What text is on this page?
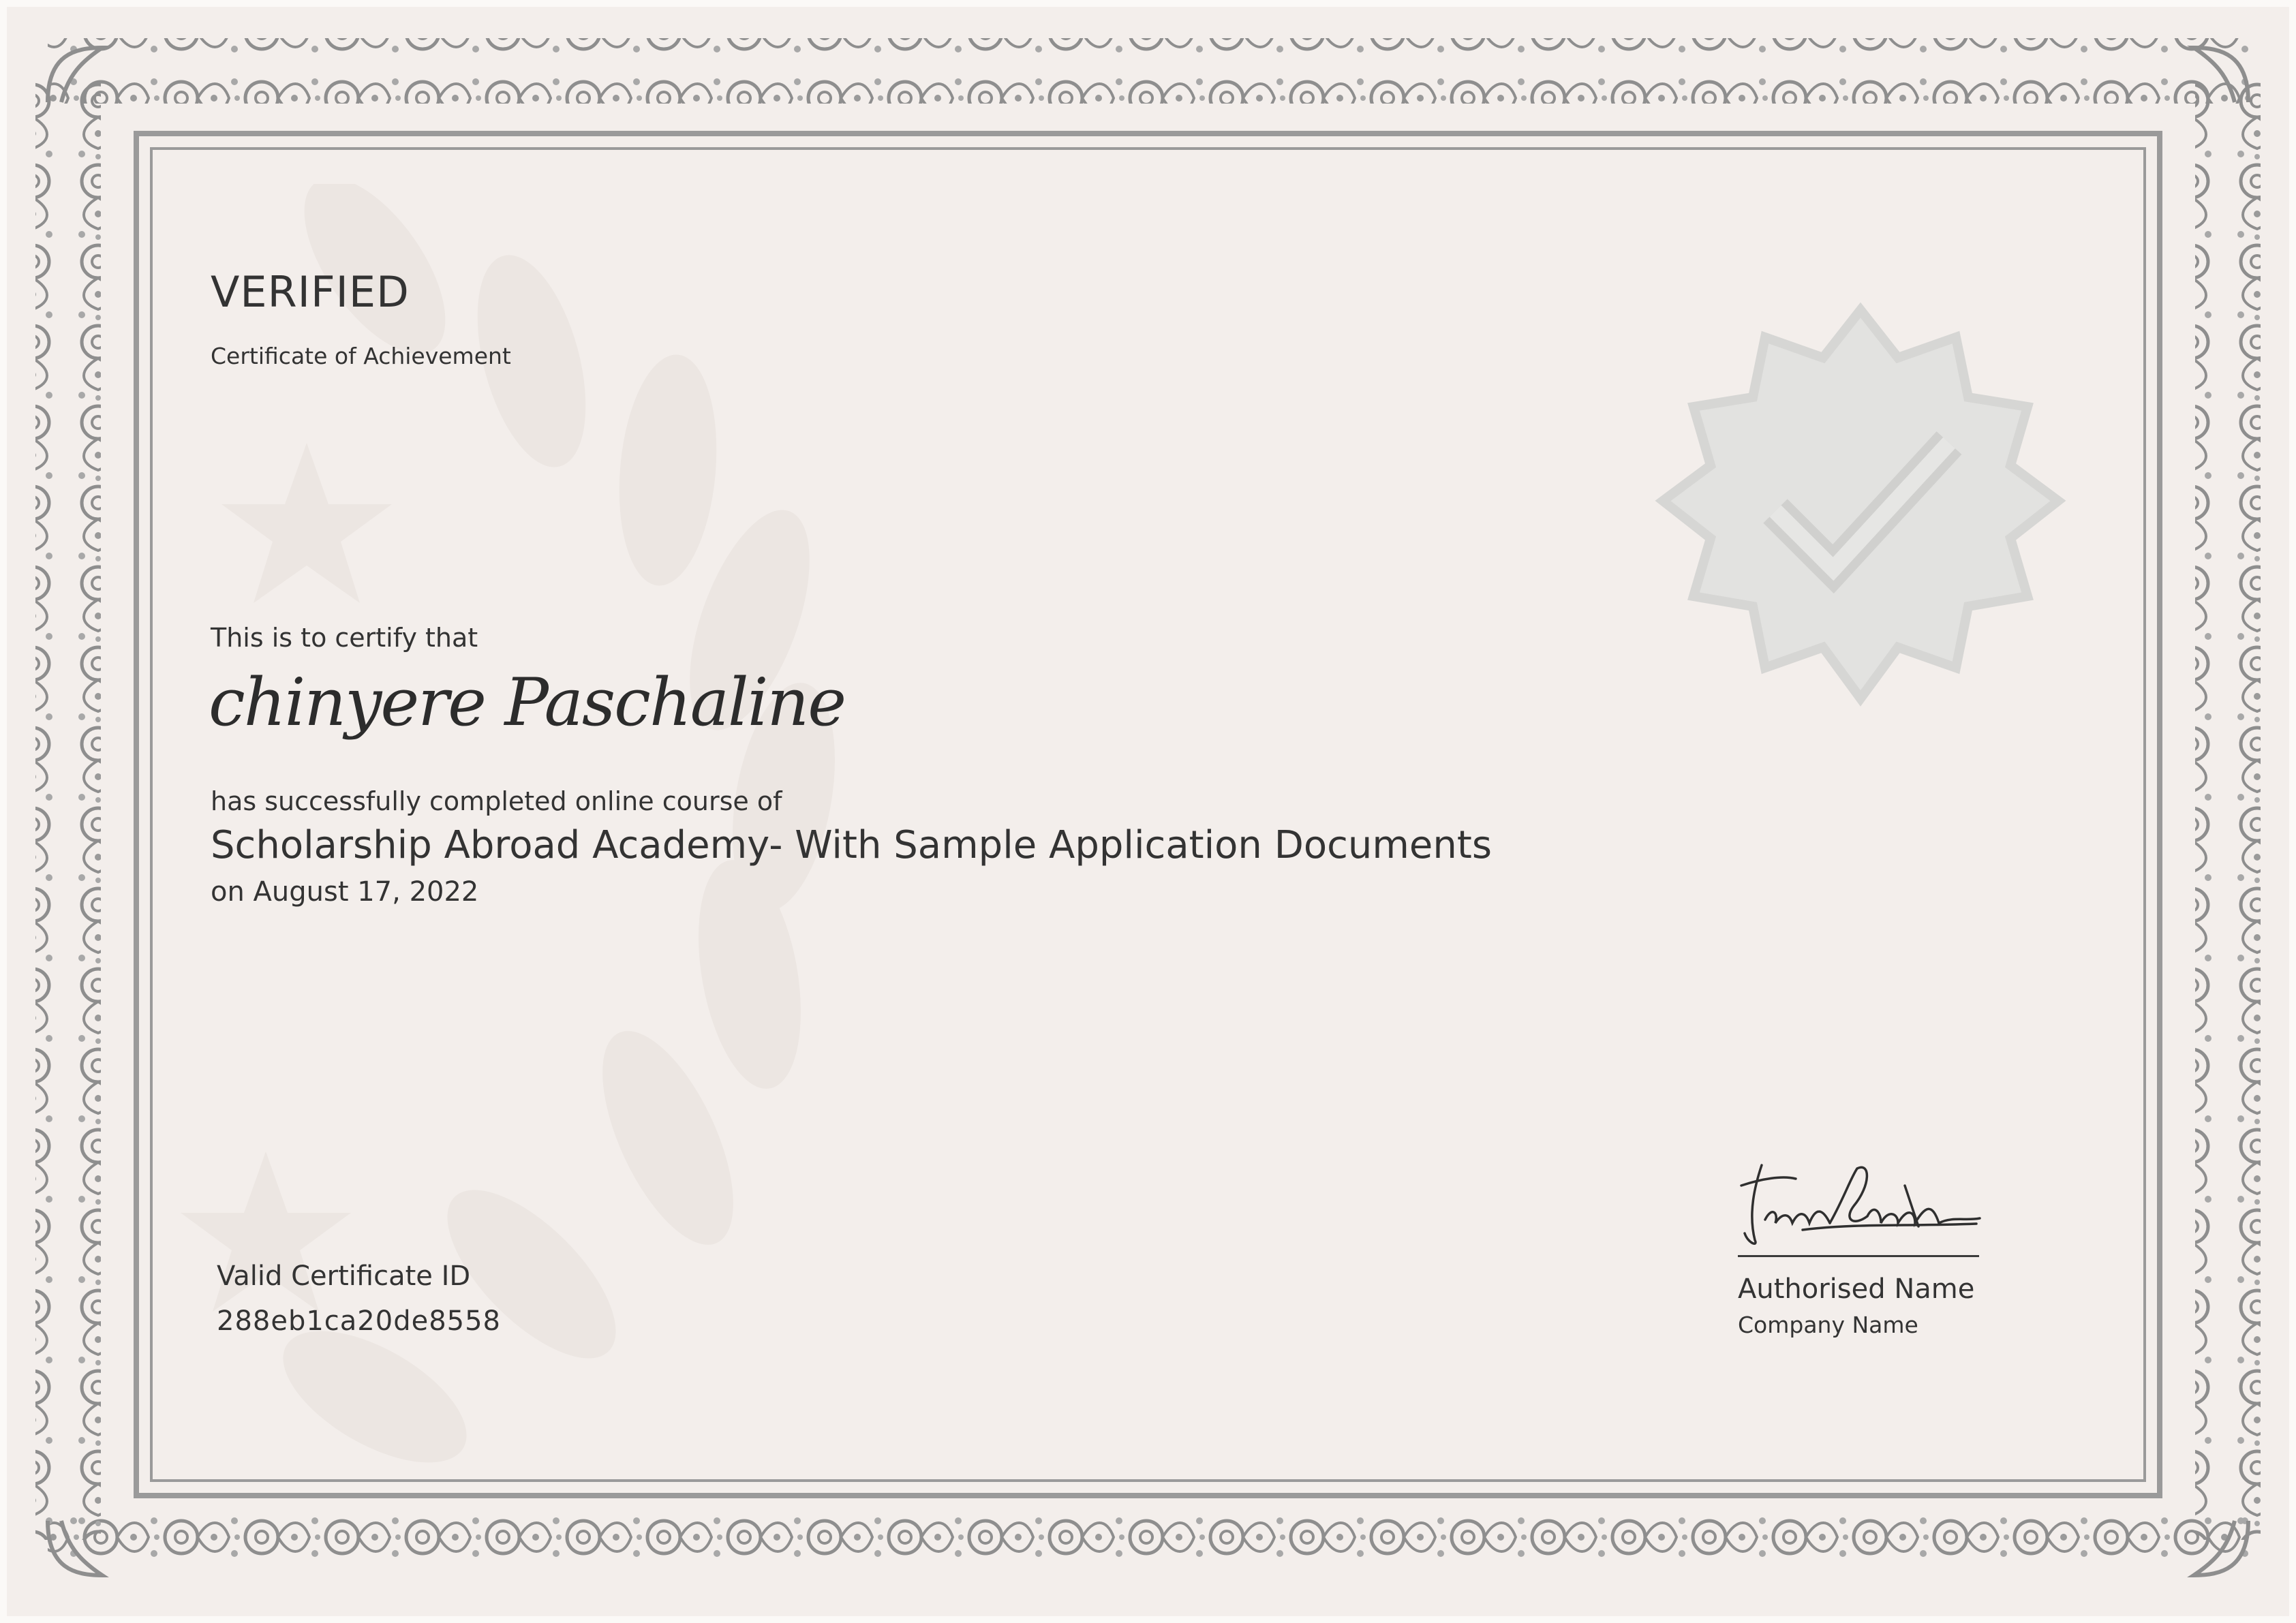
VERIFIED
Certificate of Achievement
This is to certify that
chinyere Paschaline
has successfully completed online course of
Scholarship Abroad Academy- With Sample Application Documents
on August 17, 2022
Valid Certificate ID
288eb1ca20de8558
Authorised Name
Company Name
